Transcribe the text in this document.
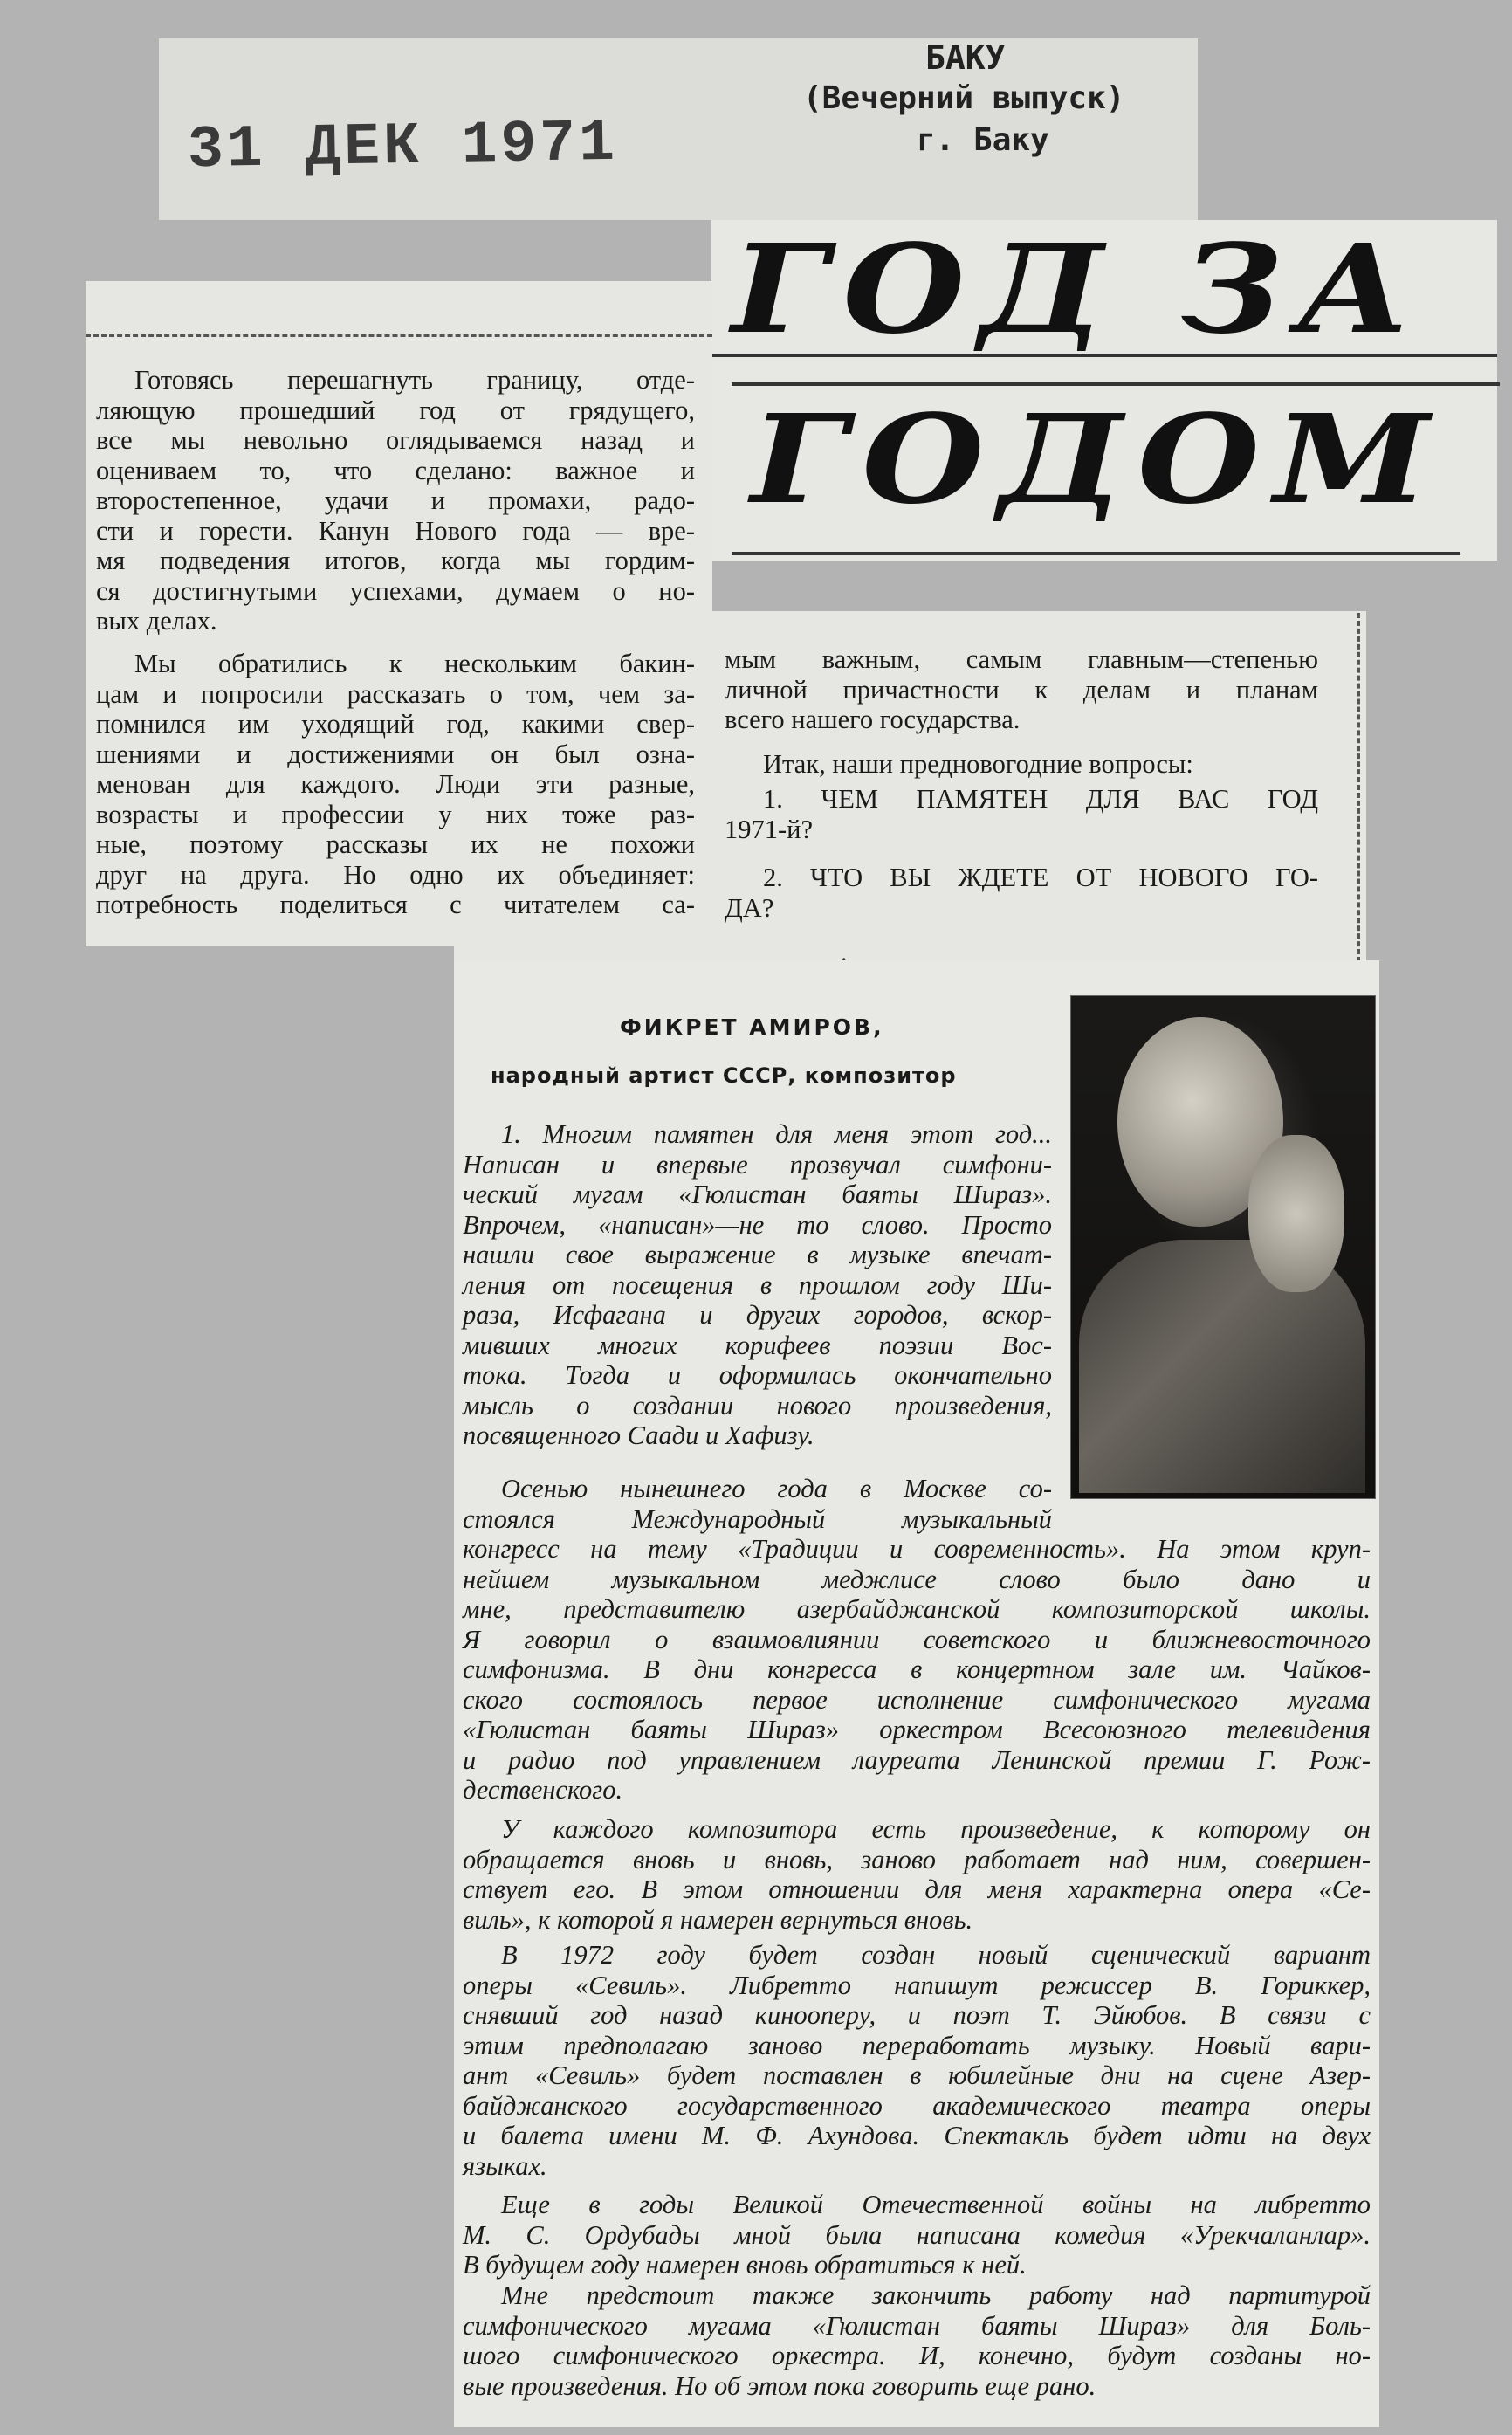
31 ДЕК 1971
БАКУ
(Вечерний выпуск)
г. Баку
ГОД ЗА
ГОДОМ
Готовясь перешагнуть границу, отде-
ляющую прошедший год от грядущего,
все мы невольно оглядываемся назад и
оцениваем то, что сделано: важное и
второстепенное, удачи и промахи, радо-
сти и горести. Канун Нового года — вре-
мя подведения итогов, когда мы гордим-
ся достигнутыми успехами, думаем о но-
вых делах.
Мы обратились к нескольким бакин-
цам и попросили рассказать о том, чем за-
помнился им уходящий год, какими свер-
шениями и достижениями он был озна-
менован для каждого. Люди эти разные,
возрасты и профессии у них тоже раз-
ные, поэтому рассказы их не похожи
друг на друга. Но одно их объединяет:
потребность поделиться с читателем са-
мым важным, самым главным—степенью
личной причастности к делам и планам
всего нашего государства.
Итак, наши предновогодние вопросы:
1. ЧЕМ ПАМЯТЕН ДЛЯ ВАС ГОД
1971-й?
2. ЧТО ВЫ ЖДЕТЕ ОТ НОВОГО ГО-
ДА?
ФИКРЕТ АМИРОВ,
народный артист СССР, композитор
1. Многим памятен для меня этот год...
Написан и впервые прозвучал симфони-
ческий мугам «Гюлистан баяты Шираз».
Впрочем, «написан»—не то слово. Просто
нашли свое выражение в музыке впечат-
ления от посещения в прошлом году Ши-
раза, Исфагана и других городов, вскор-
мивших многих корифеев поэзии Вос-
тока. Тогда и оформилась окончательно
мысль о создании нового произведения,
посвященного Саади и Хафизу.
Осенью нынешнего года в Москве со-
стоялся Международный музыкальный
конгресс на тему «Традиции и современность». На этом круп-
нейшем музыкальном меджлисе слово было дано и
мне, представителю азербайджанской композиторской школы.
Я говорил о взаимовлиянии советского и ближневосточного
симфонизма. В дни конгресса в концертном зале им. Чайков-
ского состоялось первое исполнение симфонического мугама
«Гюлистан баяты Шираз» оркестром Всесоюзного телевидения
и радио под управлением лауреата Ленинской премии Г. Рож-
дественского.
У каждого композитора есть произведение, к которому он
обращается вновь и вновь, заново работает над ним, совершен-
ствует его. В этом отношении для меня характерна опера «Се-
виль», к которой я намерен вернуться вновь.
В 1972 году будет создан новый сценический вариант
оперы «Севиль». Либретто напишут режиссер В. Гориккер,
снявший год назад кинооперу, и поэт Т. Эйюбов. В связи с
этим предполагаю заново переработать музыку. Новый вари-
ант «Севиль» будет поставлен в юбилейные дни на сцене Азер-
байджанского государственного академического театра оперы
и балета имени М. Ф. Ахундова. Спектакль будет идти на двух
языках.
Еще в годы Великой Отечественной войны на либретто
М. С. Ордубады мной была написана комедия «Урекчаланлар».
В будущем году намерен вновь обратиться к ней.
Мне предстоит также закончить работу над партитурой
симфонического мугама «Гюлистан баяты Шираз» для Боль-
шого симфонического оркестра. И, конечно, будут созданы но-
вые произведения. Но об этом пока говорить еще рано.
